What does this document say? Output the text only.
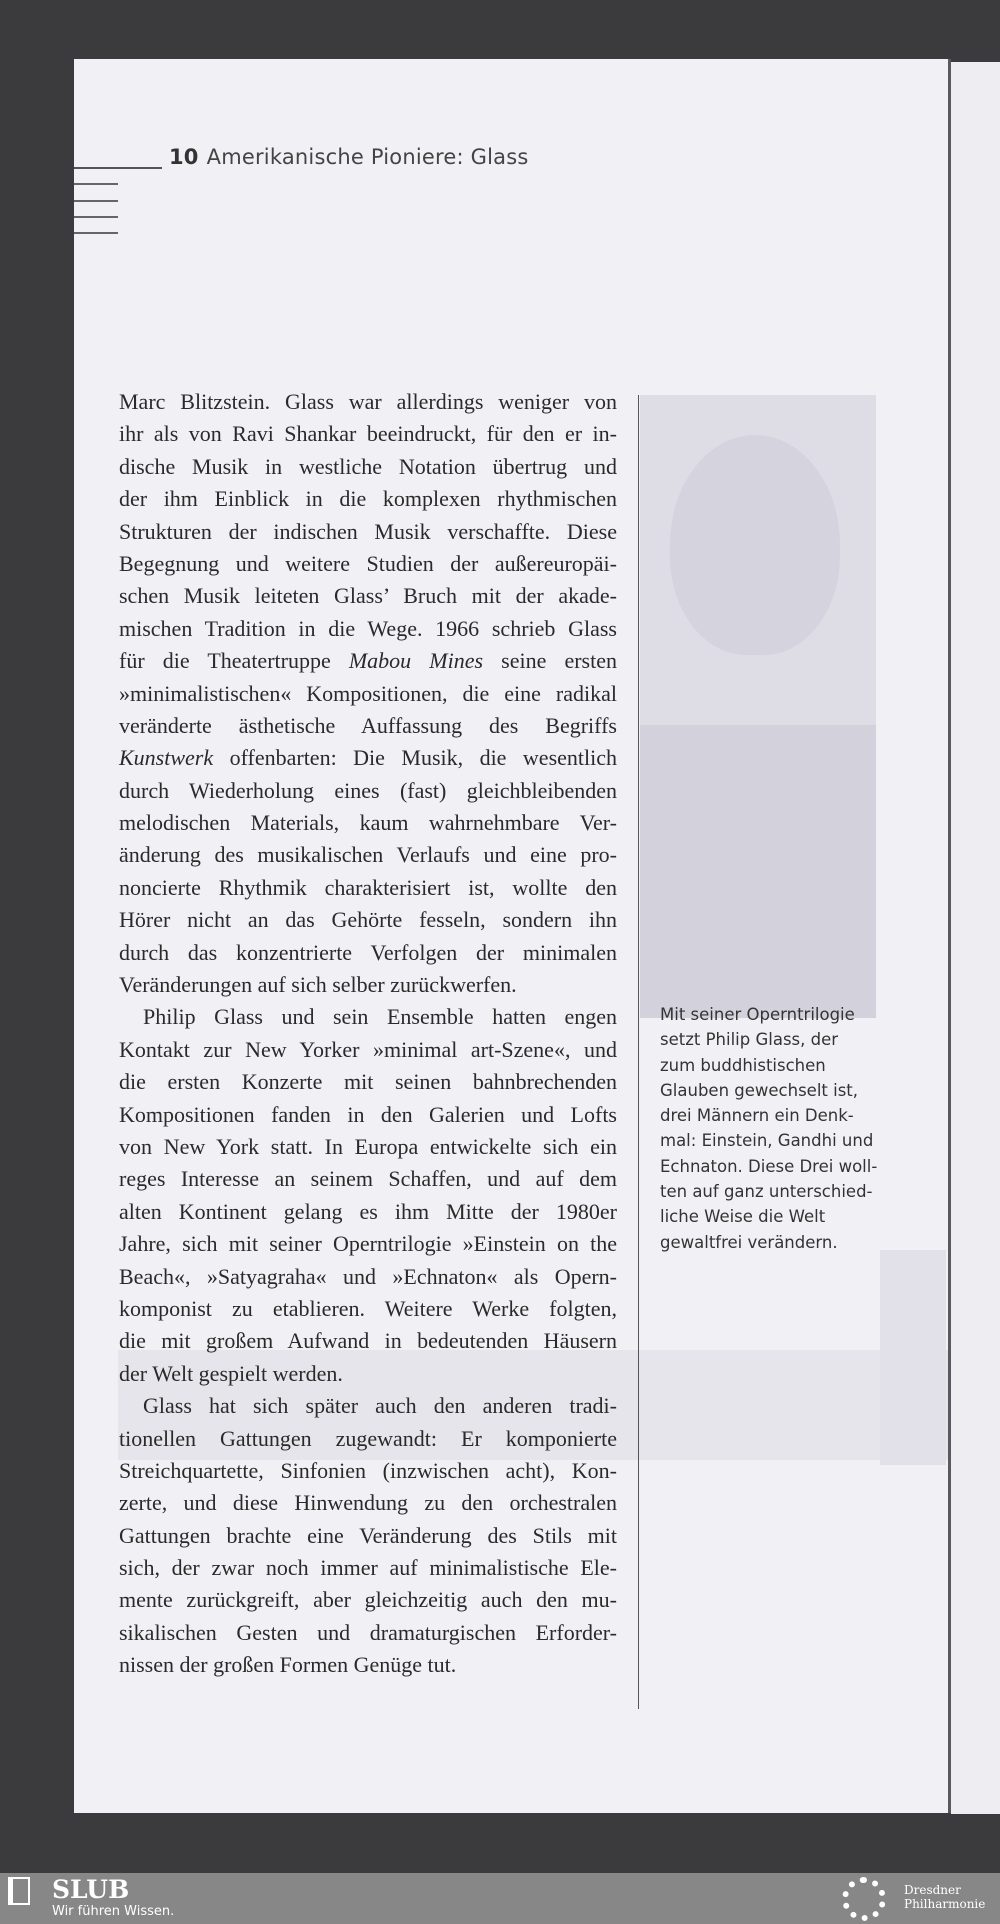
10 Amerikanische Pioniere: Glass
Marc Blitzstein. Glass war allerdings weniger von
ihr als von Ravi Shankar beeindruckt, für den er in-
dische Musik in westliche Notation übertrug und
der ihm Einblick in die komplexen rhythmischen
Strukturen der indischen Musik verschaffte. Diese
Begegnung und weitere Studien der außereuropäi-
schen Musik leiteten Glass’ Bruch mit der akade-
mischen Tradition in die Wege. 1966 schrieb Glass
für die Theatertruppe Mabou Mines seine ersten
»minimalistischen« Kompositionen, die eine radikal
veränderte ästhetische Auffassung des Begriffs
Kunstwerk offenbarten: Die Musik, die wesentlich
durch Wiederholung eines (fast) gleichbleibenden
melodischen Materials, kaum wahrnehmbare Ver-
änderung des musikalischen Verlaufs und eine pro-
noncierte Rhythmik charakterisiert ist, wollte den
Hörer nicht an das Gehörte fesseln, sondern ihn
durch das konzentrierte Verfolgen der minimalen
Veränderungen auf sich selber zurückwerfen.
Philip Glass und sein Ensemble hatten engen
Kontakt zur New Yorker »minimal art-Szene«, und
die ersten Konzerte mit seinen bahnbrechenden
Kompositionen fanden in den Galerien und Lofts
von New York statt. In Europa entwickelte sich ein
reges Interesse an seinem Schaffen, und auf dem
alten Kontinent gelang es ihm Mitte der 1980er
Jahre, sich mit seiner Operntrilogie »Einstein on the
Beach«, »Satyagraha« und »Echnaton« als Opern-
komponist zu etablieren. Weitere Werke folgten,
die mit großem Aufwand in bedeutenden Häusern
der Welt gespielt werden.
Glass hat sich später auch den anderen tradi-
tionellen Gattungen zugewandt: Er komponierte
Streichquartette, Sinfonien (inzwischen acht), Kon-
zerte, und diese Hinwendung zu den orchestralen
Gattungen brachte eine Veränderung des Stils mit
sich, der zwar noch immer auf minimalistische Ele-
mente zurückgreift, aber gleichzeitig auch den mu-
sikalischen Gesten und dramaturgischen Erforder-
nissen der großen Formen Genüge tut.
Mit seiner Operntrilogie
setzt Philip Glass, der
zum buddhistischen
Glauben gewechselt ist,
drei Männern ein Denk-
mal: Einstein, Gandhi und
Echnaton. Diese Drei woll-
ten auf ganz unterschied-
liche Weise die Welt
gewaltfrei verändern.
SLUB
Wir führen Wissen.
Dresdner
Philharmonie
